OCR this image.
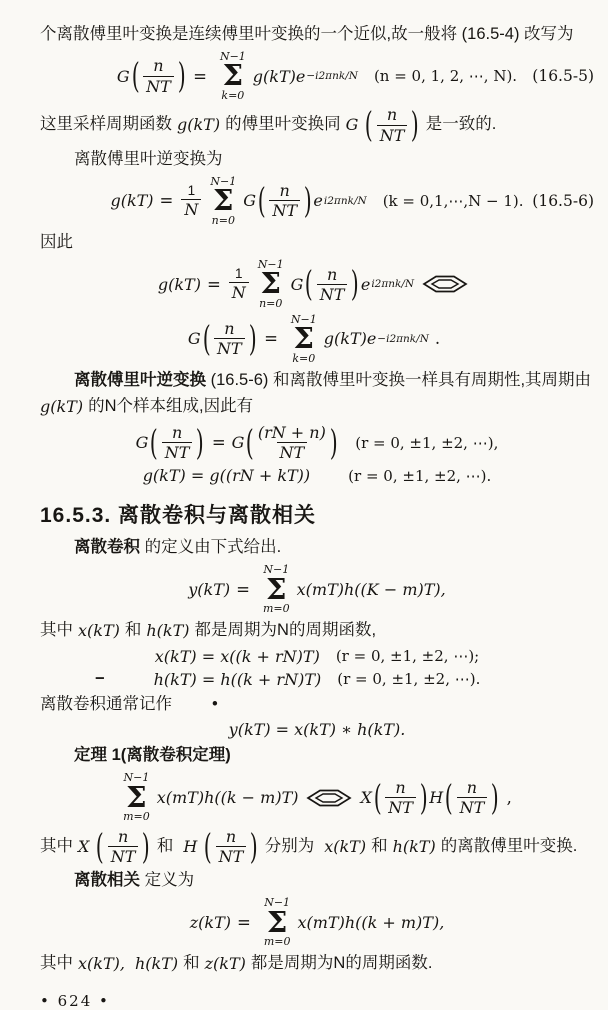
个离散傅里叶变换是连续傅里叶变换的一个近似,故一般将 (16.5-4) 改写为
G ( $\frac{n}{NT}$ ) =
N−1
Σ
k=0
g(kT)e −i2πnk/N (n = 0, 1, 2, ⋯, N). (16.5-5)
这里采样周期函数 g(kT) 的傅里叶变换同 G ( $\frac{n}{NT}$ ) 是一致的.
离散傅里叶逆变换为
$g(kT) = \frac{1}{N}$
N−1
Σ
n=0
G ( $\frac{n}{NT}$ ) e i2πnk/N (k = 0,1,⋯,N − 1). (16.5-6)
因此
$g(kT) = \frac{1}{N}$
N−1
Σ
n=0
G ( $\frac{n}{NT}$ ) e i2πnk/N
G ( $\frac{n}{NT}$ ) =
N−1
Σ
k=0
g(kT)e −i2πnk/N .
离散傅里叶逆变换 (16.5-6) 和离散傅里叶变换一样具有周期性,其周期由
g(kT) 的N个样本组成,因此有
G ( $\frac{n}{NT}$ ) = G ( $\frac{(rN + n)}{NT}$ ) (r = 0, ±1, ±2, ⋯),
g(kT) = g((rN + kT))	(r = 0, ±1, ±2, ⋯).
16.5.3. 离散卷积与离散相关
离散卷积 的定义由下式给出.
y(kT) =
N−1
Σ
m=0
x(mT)h((K − m)T),
其中 x(kT) 和 h(kT) 都是周期为N的周期函数,
x(kT) = x((k + rN)T) (r = 0, ±1, ±2, ⋯);
−	h(kT) = h((k + rN)T) (r = 0, ±1, ±2, ⋯).
离散卷积通常记作 •
y(kT) = x(kT) ∗ h(kT).
定理 1(离散卷积定理)
N−1
Σ
m=0
x(mT)h((k − m)T)	X ( $\frac{n}{NT}$ ) H ( $\frac{n}{NT}$ ) ,
其中 X ( $\frac{n}{NT}$ ) 和 H ( $\frac{n}{NT}$ ) 分别为 x(kT) 和 h(kT) 的离散傅里叶变换.
离散相关 定义为
z(kT) =
N−1
Σ
m=0
x(mT)h((k + m)T),
其中 x(kT), h(kT) 和 z(kT) 都是周期为N的周期函数.
• 624 •
